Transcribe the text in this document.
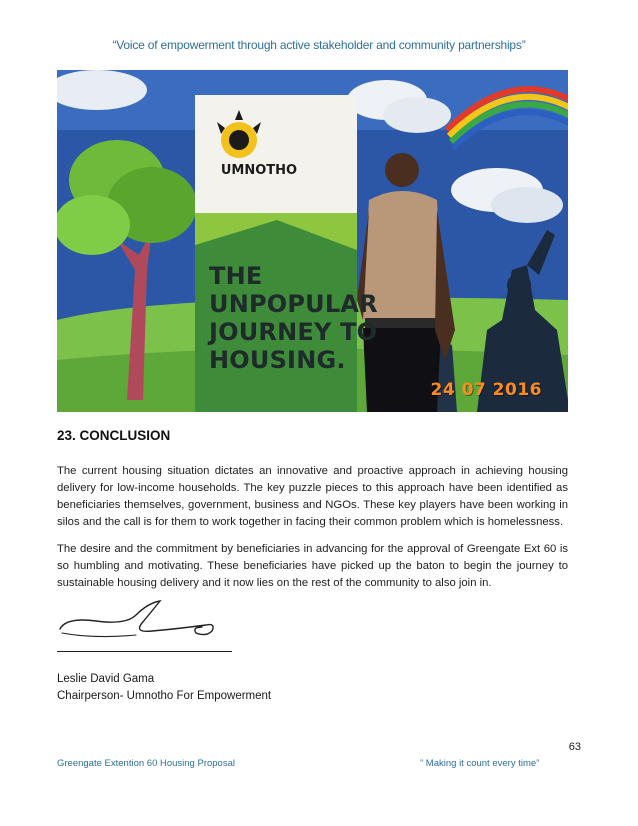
“Voice of empowerment through active stakeholder and community partnerships”
UMNOTHO
THE
UNPOPULAR
JOURNEY TO
HOUSING.
24 07 2016
23. CONCLUSION
The current housing situation dictates an innovative and proactive approach in achieving housing delivery for low-income households. The key puzzle pieces to this approach have been identified as beneficiaries themselves, government, business and NGOs. These key players have been working in silos and the call is for them to work together in facing their common problem which is homelessness.
The desire and the commitment by beneficiaries in advancing for the approval of Greengate Ext 60 is so humbling and motivating. These beneficiaries have picked up the baton to begin the journey to sustainable housing delivery and it now lies on the rest of the community to also join in.
Leslie David Gama
Chairperson- Umnotho For Empowerment
63
Greengate Extention 60 Housing Proposal	” Making it count every time”
